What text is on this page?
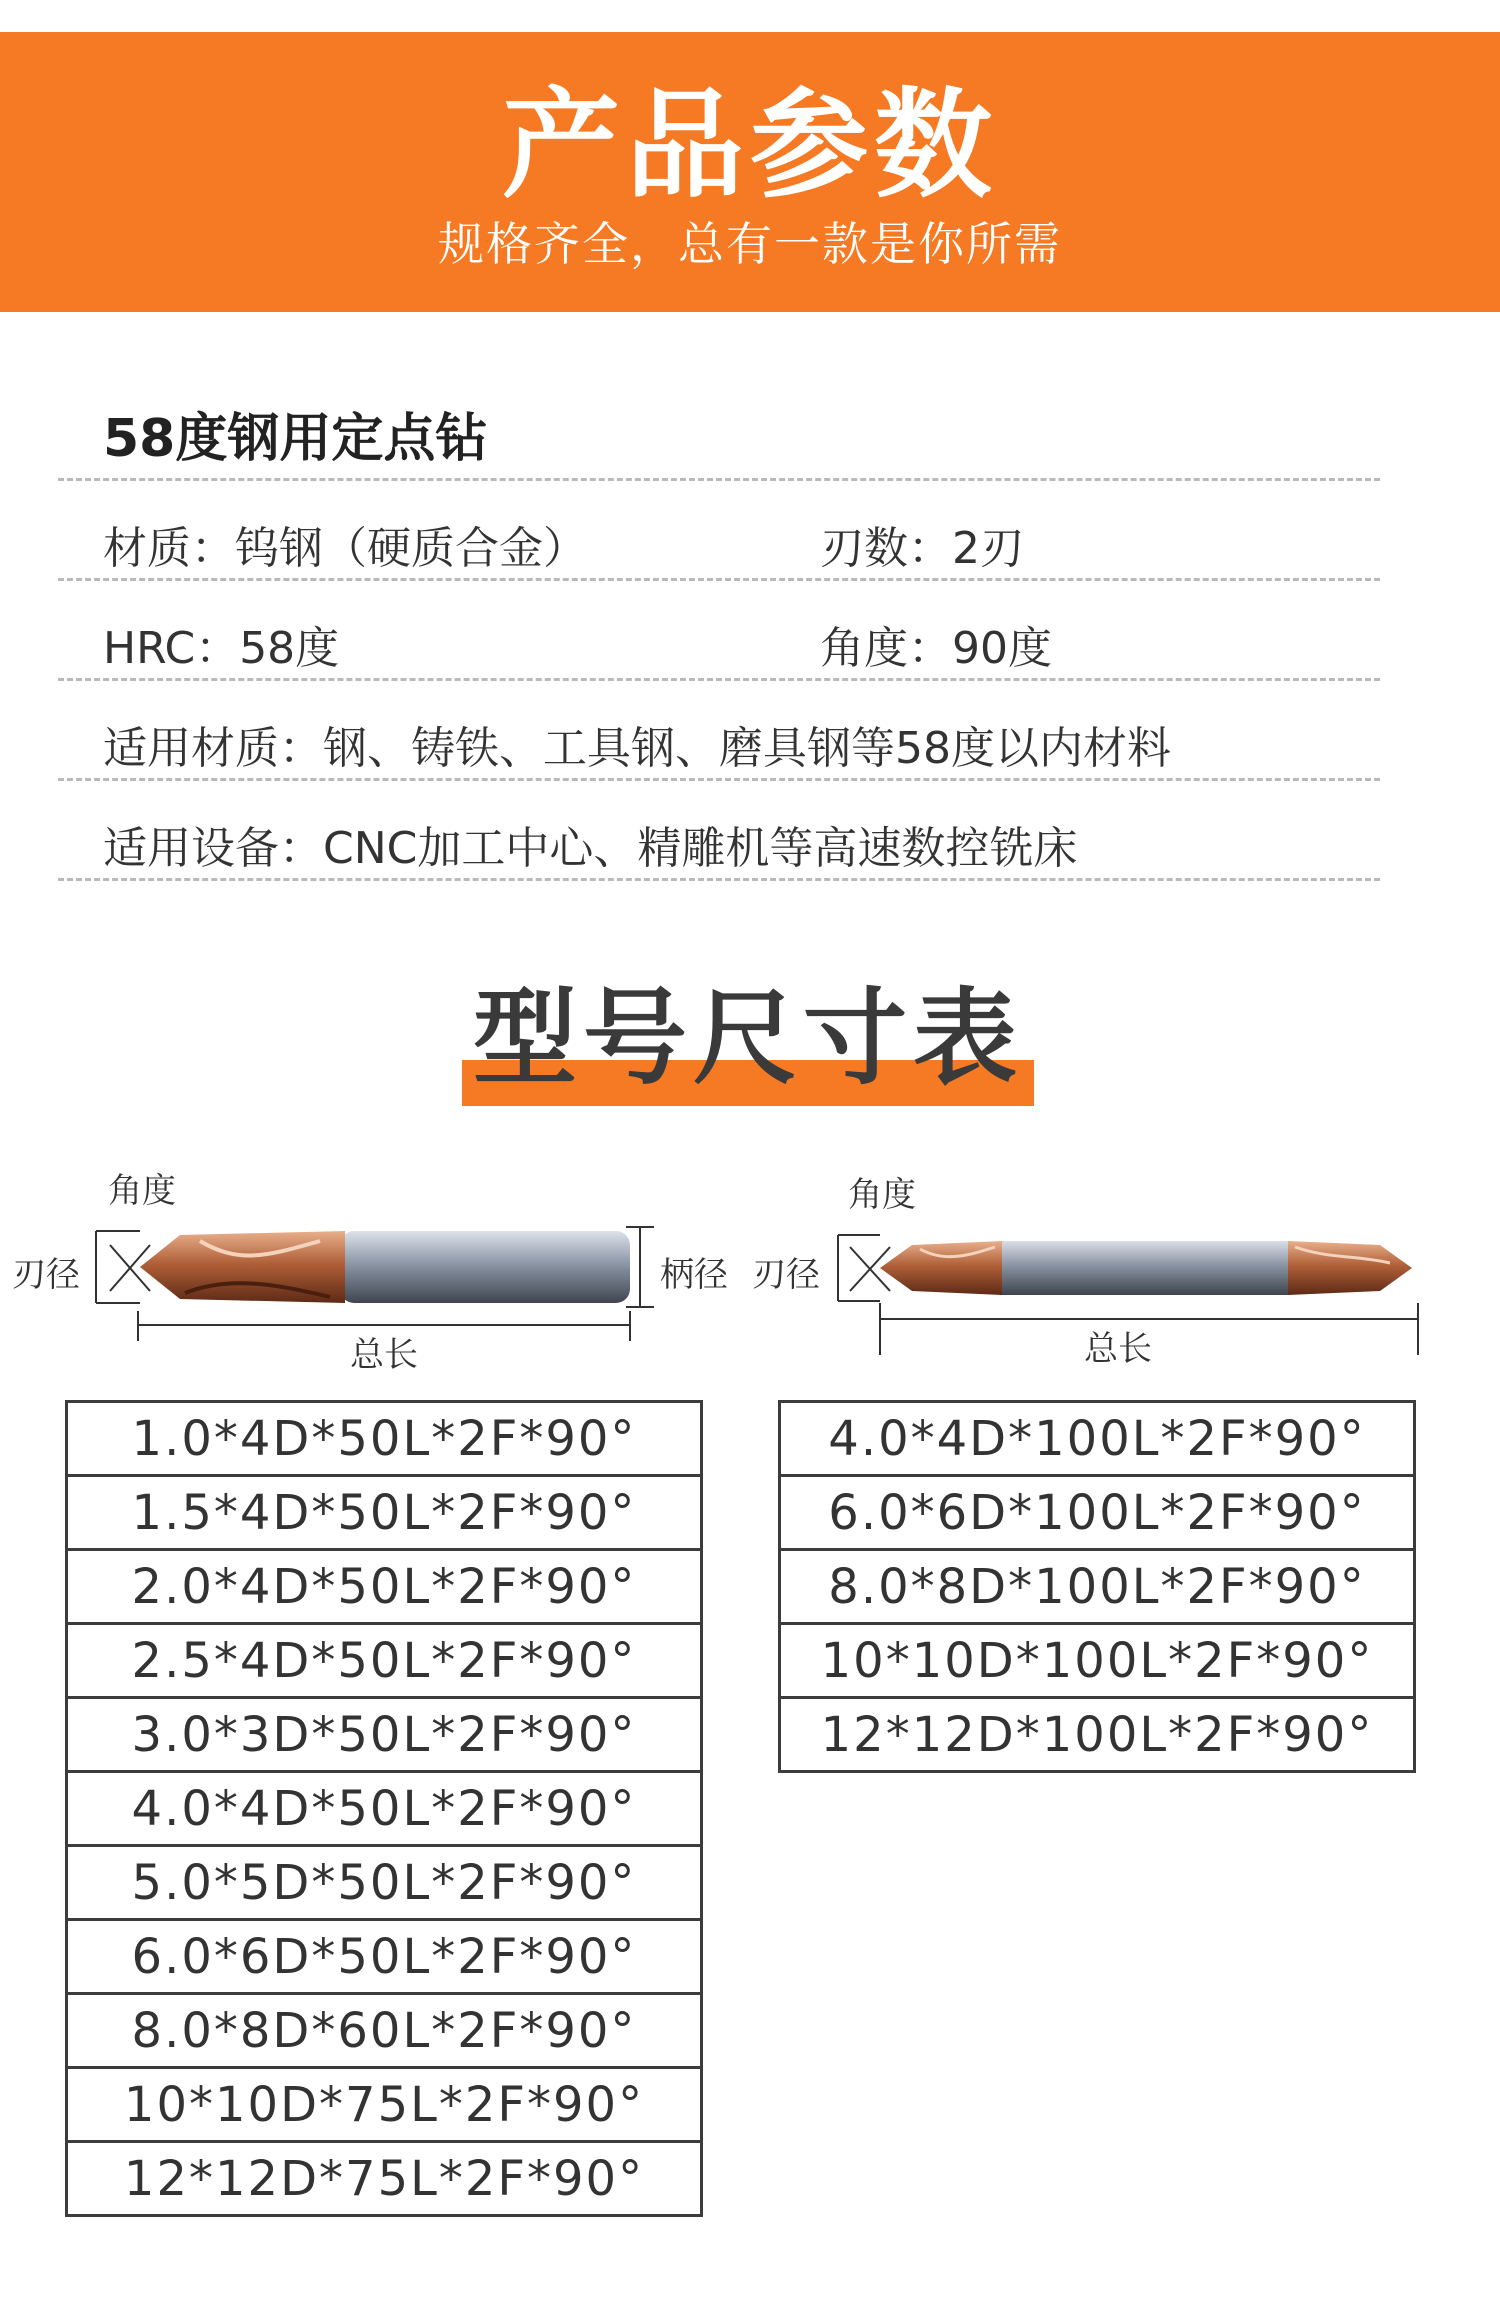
产品参数
规格齐全，总有一款是你所需
58度钢用定点钻
材质：钨钢（硬质合金）	刃数：2刃
HRC：58度	角度：90度
适用材质：钢、铸铁、工具钢、磨具钢等58度以内材料
适用设备：CNC加工中心、精雕机等高速数控铣床
型号尺寸表
角度
刃径	柄径
总长
角度
刃径
总长
1.0*4D*50L*2F*90°
1.5*4D*50L*2F*90°
2.0*4D*50L*2F*90°
2.5*4D*50L*2F*90°
3.0*3D*50L*2F*90°
4.0*4D*50L*2F*90°
5.0*5D*50L*2F*90°
6.0*6D*50L*2F*90°
8.0*8D*60L*2F*90°
10*10D*75L*2F*90°
12*12D*75L*2F*90°
4.0*4D*100L*2F*90°
6.0*6D*100L*2F*90°
8.0*8D*100L*2F*90°
10*10D*100L*2F*90°
12*12D*100L*2F*90°
